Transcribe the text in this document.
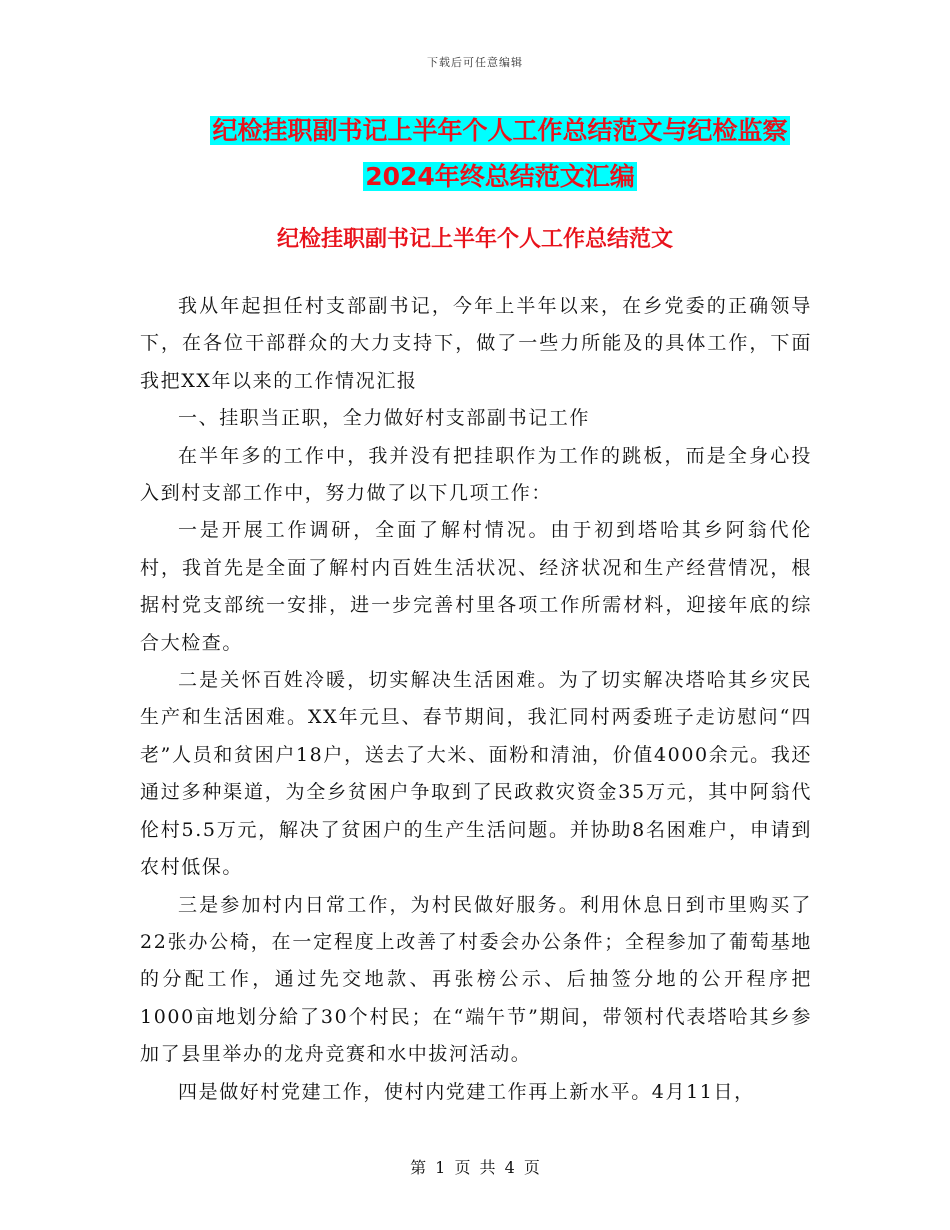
下载后可任意编辑
纪检挂职副书记上半年个人工作总结范文与纪检监察
2024年终总结范文汇编
纪检挂职副书记上半年个人工作总结范文

我从年起担任村支部副书记，今年上半年以来，在乡党委的正确领导下，在各位干部群众的大力支持下，做了一些力所能及的具体工作，下面我把XX年以来的工作情况汇报

一、挂职当正职，全力做好村支部副书记工作

在半年多的工作中，我并没有把挂职作为工作的跳板，而是全身心投入到村支部工作中，努力做了以下几项工作：

一是开展工作调研，全面了解村情况。由于初到塔哈其乡阿翁代伦村，我首先是全面了解村内百姓生活状况、经济状况和生产经营情况，根据村党支部统一安排，进一步完善村里各项工作所需材料，迎接年底的综合大检查。

二是关怀百姓冷暖，切实解决生活困难。为了切实解决塔哈其乡灾民生产和生活困难。XX年元旦、春节期间，我汇同村两委班子走访慰问“四老”人员和贫困户18户，送去了大米、面粉和清油，价值4000余元。我还通过多种渠道，为全乡贫困户争取到了民政救灾资金35万元，其中阿翁代伦村5.5万元，解决了贫困户的生产生活问题。并协助8名困难户，申请到农村低保。

三是参加村内日常工作，为村民做好服务。利用休息日到市里购买了22张办公椅，在一定程度上改善了村委会办公条件；全程参加了葡萄基地的分配工作，通过先交地款、再张榜公示、后抽签分地的公开程序把1000亩地划分給了30个村民；在“端午节”期间，带领村代表塔哈其乡参加了县里举办的龙舟竞赛和水中拔河活动。

四是做好村党建工作，使村内党建工作再上新水平。4月11日，

第 1 页 共 4 页
